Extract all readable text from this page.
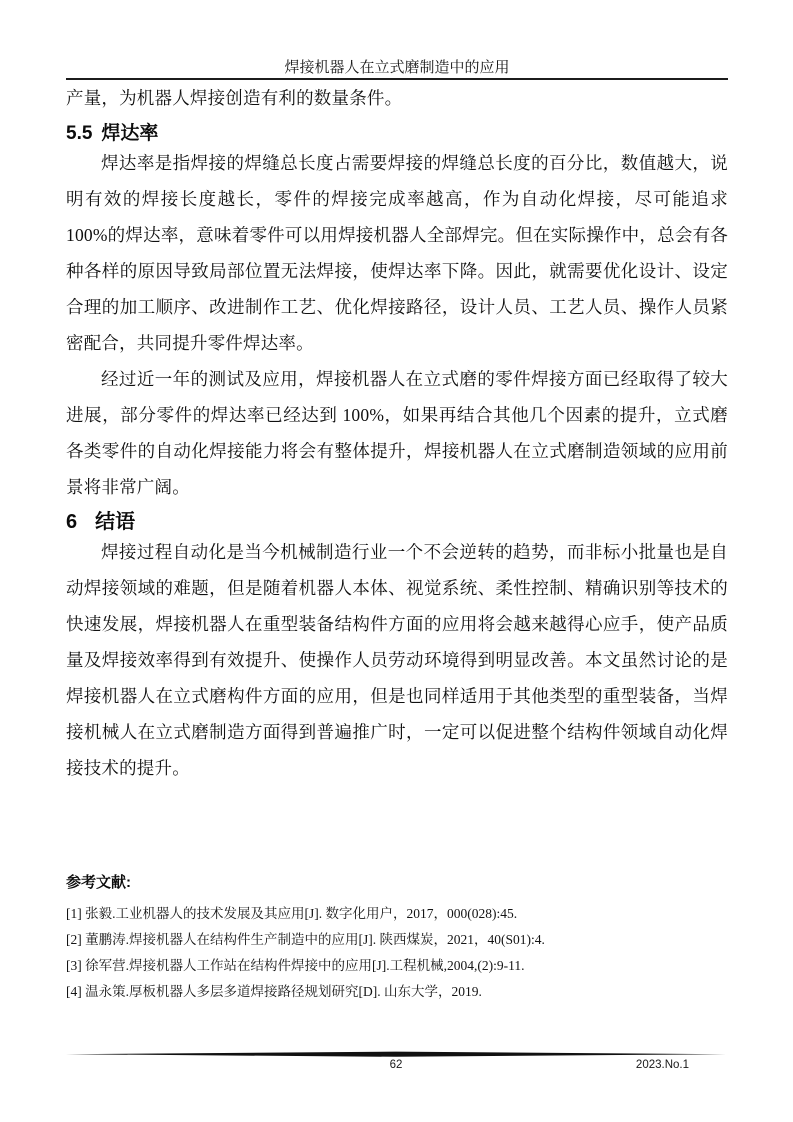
焊接机器人在立式磨制造中的应用

产量，为机器人焊接创造有利的数量条件。

5.5 焊达率

焊达率是指焊接的焊缝总长度占需要焊接的焊缝总长度的百分比，数值越大，说明有效的焊接长度越长，零件的焊接完成率越高，作为自动化焊接，尽可能追求 100%的焊达率，意味着零件可以用焊接机器人全部焊完。但在实际操作中，总会有各种各样的原因导致局部位置无法焊接，使焊达率下降。因此，就需要优化设计、设定合理的加工顺序、改进制作工艺、优化焊接路径，设计人员、工艺人员、操作人员紧密配合，共同提升零件焊达率。

经过近一年的测试及应用，焊接机器人在立式磨的零件焊接方面已经取得了较大进展，部分零件的焊达率已经达到 100%，如果再结合其他几个因素的提升，立式磨各类零件的自动化焊接能力将会有整体提升，焊接机器人在立式磨制造领域的应用前景将非常广阔。

6 结语

焊接过程自动化是当今机械制造行业一个不会逆转的趋势，而非标小批量也是自动焊接领域的难题，但是随着机器人本体、视觉系统、柔性控制、精确识别等技术的快速发展，焊接机器人在重型装备结构件方面的应用将会越来越得心应手，使产品质量及焊接效率得到有效提升、使操作人员劳动环境得到明显改善。本文虽然讨论的是焊接机器人在立式磨构件方面的应用，但是也同样适用于其他类型的重型装备，当焊接机械人在立式磨制造方面得到普遍推广时，一定可以促进整个结构件领域自动化焊接技术的提升。

参考文献:
[1] 张毅.工业机器人的技术发展及其应用[J]. 数字化用户，2017，000(028):45.
[2] 董鹏涛.焊接机器人在结构件生产制造中的应用[J]. 陕西煤炭，2021，40(S01):4.
[3] 徐军营.焊接机器人工作站在结构件焊接中的应用[J].工程机械,2004,(2):9-11.
[4] 温永策.厚板机器人多层多道焊接路径规划研究[D]. 山东大学，2019.
62	2023.No.1
